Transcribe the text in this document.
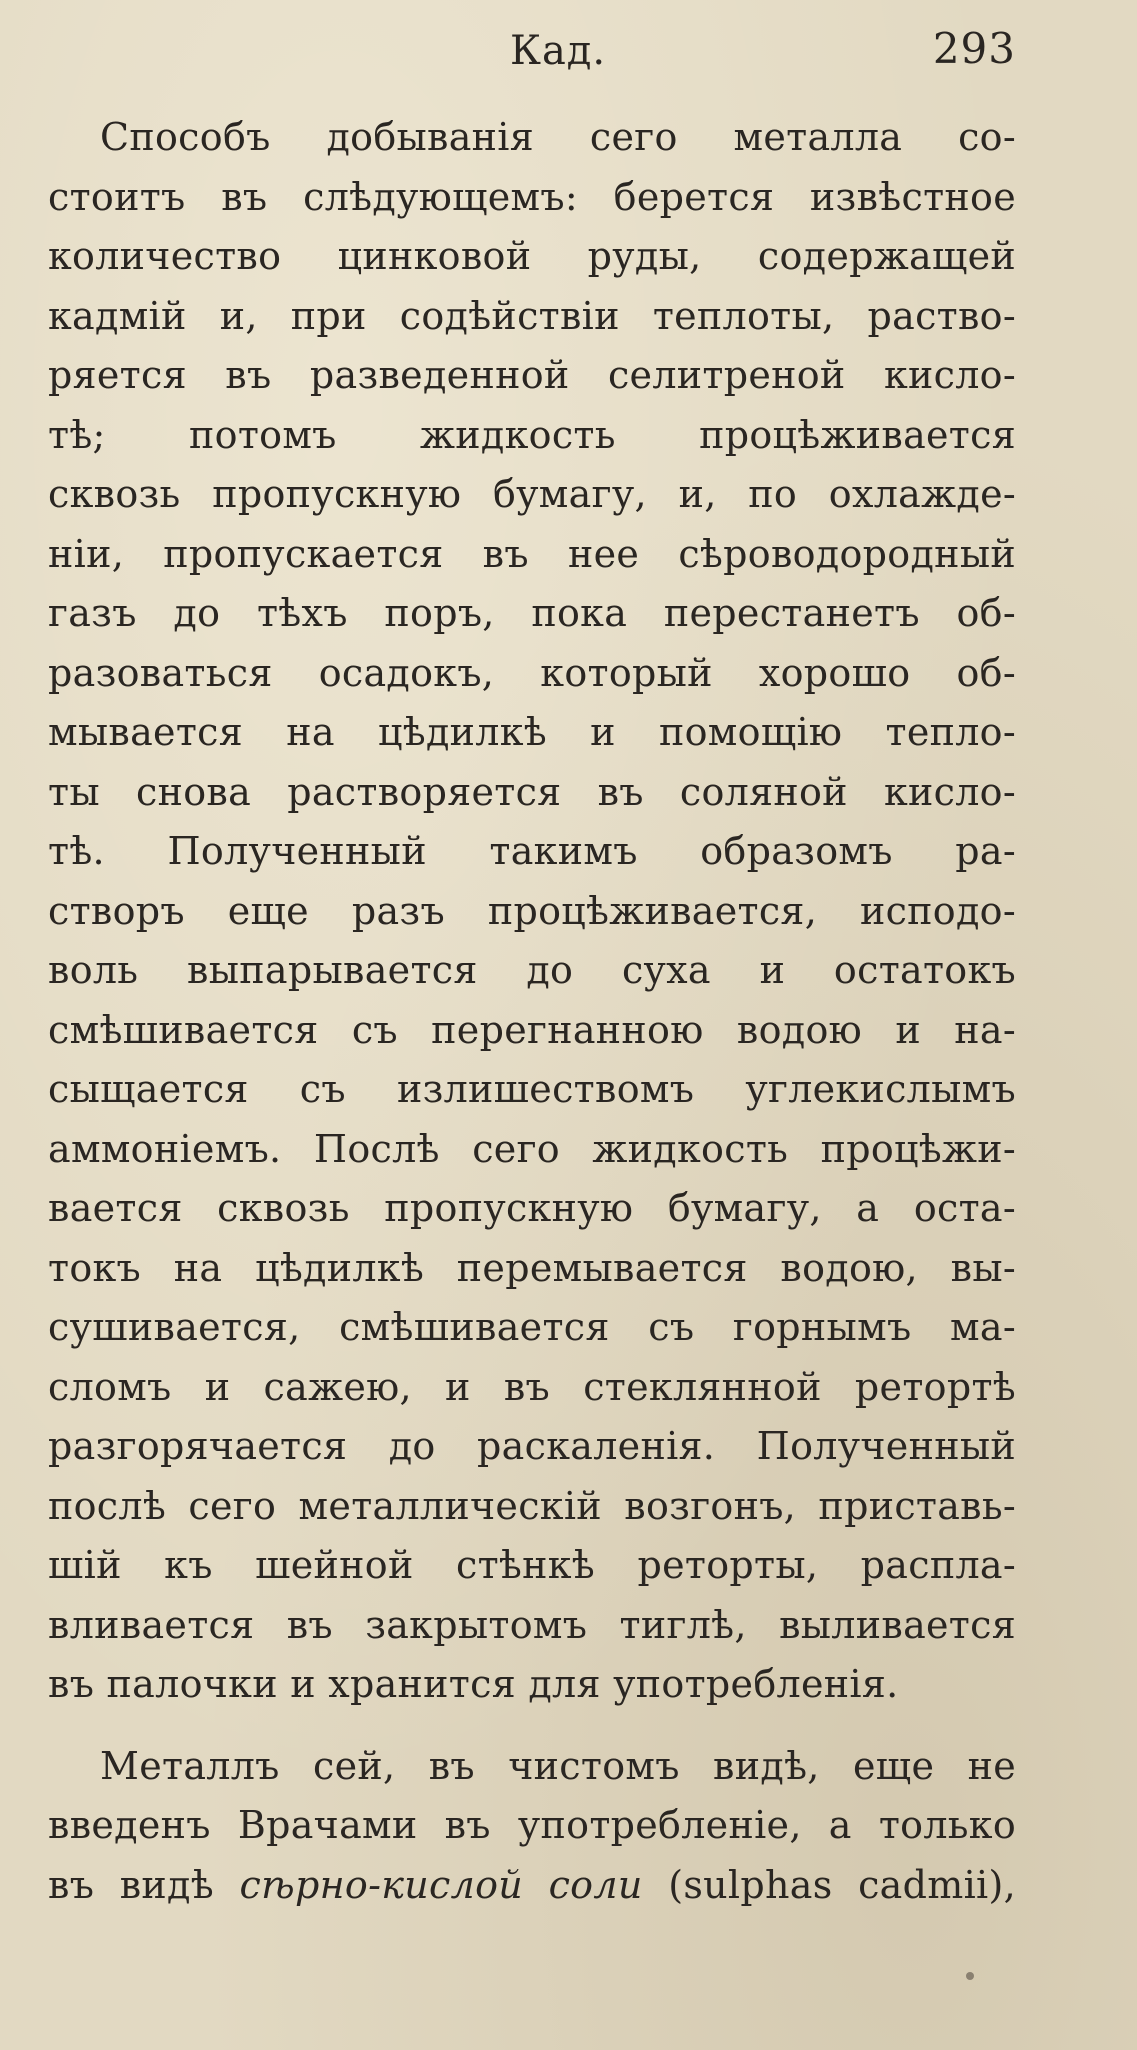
Кад.	293
Способъ добыванія сего металла со-
стоитъ въ слѣдующемъ: берется извѣстное
количество цинковой руды, содержащей
кадмій и, при содѣйствіи теплоты, раство-
ряется въ разведенной селитреной кисло-
тѣ; потомъ жидкость процѣживается
сквозь пропускную бумагу, и, по охлажде-
ніи, пропускается въ нее сѣроводородный
газъ до тѣхъ поръ, пока перестанетъ об-
разоваться осадокъ, который хорошо об-
мывается на цѣдилкѣ и помощію тепло-
ты снова растворяется въ соляной кисло-
тѣ. Полученный такимъ образомъ ра-
створъ еще разъ процѣживается, исподо-
воль выпарывается до суха и остатокъ
смѣшивается съ перегнанною водою и на-
сыщается съ излишествомъ углекислымъ
аммоніемъ. Послѣ сего жидкость процѣжи-
вается сквозь пропускную бумагу, а оста-
токъ на цѣдилкѣ перемывается водою, вы-
сушивается, смѣшивается съ горнымъ ма-
сломъ и сажею, и въ стеклянной ретортѣ
разгорячается до раскаленія. Полученный
послѣ сего металлическій возгонъ, приставь-
шій къ шейной стѣнкѣ реторты, распла-
вливается въ закрытомъ тиглѣ, выливается
въ палочки и хранится для употребленія.
Металлъ сей, въ чистомъ видѣ, еще не
введенъ Врачами въ употребленіе, а только
въ видѣ сѣрно-кислой соли (sulphas cadmii),
